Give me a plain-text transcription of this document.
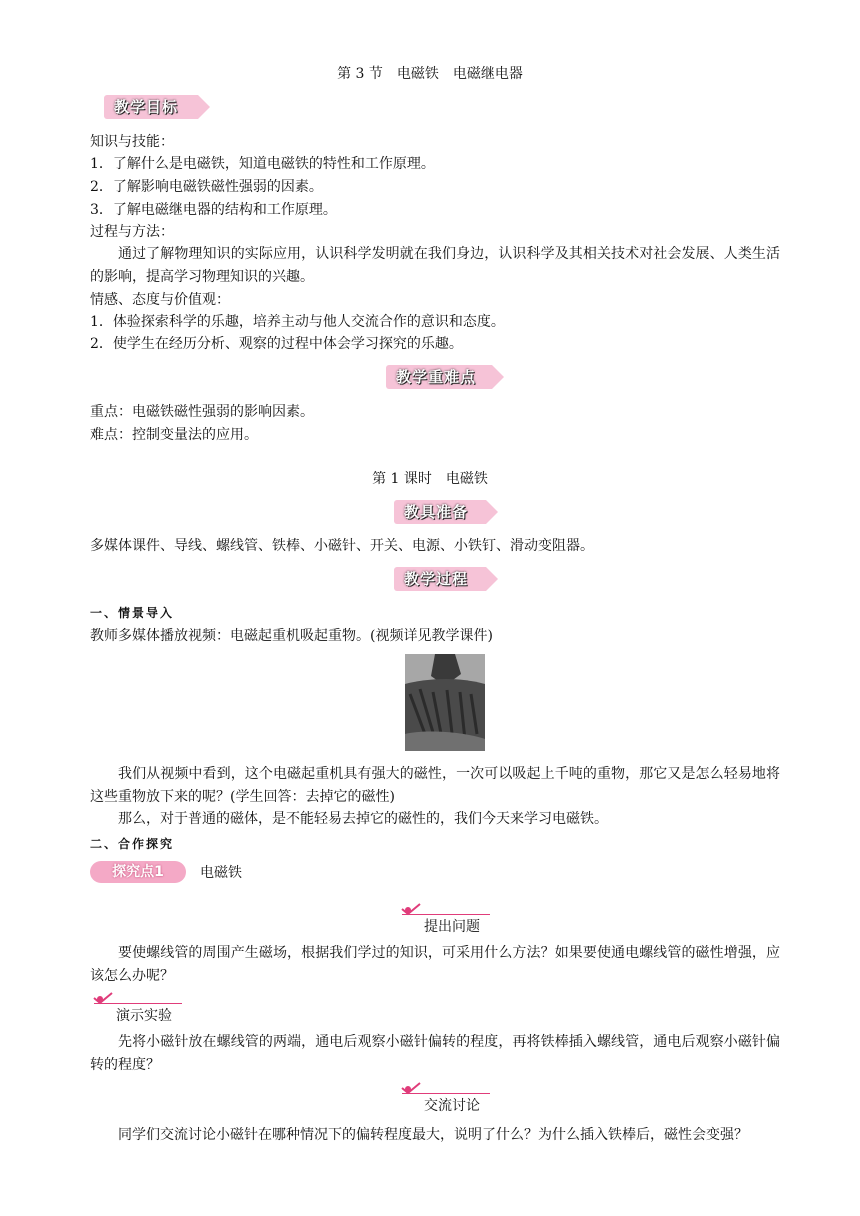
第 3 节　电磁铁　电磁继电器
教学目标
知识与技能：
1．了解什么是电磁铁，知道电磁铁的特性和工作原理。
2．了解影响电磁铁磁性强弱的因素。
3．了解电磁继电器的结构和工作原理。
过程与方法：
通过了解物理知识的实际应用，认识科学发明就在我们身边，认识科学及其相关技术对社会发展、人类生活的影响，提高学习物理知识的兴趣。
情感、态度与价值观：
1．体验探索科学的乐趣，培养主动与他人交流合作的意识和态度。
2．使学生在经历分析、观察的过程中体会学习探究的乐趣。
教学重难点
重点：电磁铁磁性强弱的影响因素。
难点：控制变量法的应用。
第 1 课时　电磁铁
教具准备
多媒体课件、导线、螺线管、铁棒、小磁针、开关、电源、小铁钉、滑动变阻器。
教学过程
一、情景导入
教师多媒体播放视频：电磁起重机吸起重物。(视频详见教学课件)
我们从视频中看到，这个电磁起重机具有强大的磁性，一次可以吸起上千吨的重物，那它又是怎么轻易地将这些重物放下来的呢？(学生回答：去掉它的磁性)
那么，对于普通的磁体，是不能轻易去掉它的磁性的，我们今天来学习电磁铁。
二、合作探究
探究点1	电磁铁
提出问题
要使螺线管的周围产生磁场，根据我们学过的知识，可采用什么方法？如果要使通电螺线管的磁性增强，应该怎么办呢？
演示实验
先将小磁针放在螺线管的两端，通电后观察小磁针偏转的程度，再将铁棒插入螺线管，通电后观察小磁针偏转的程度？
交流讨论
同学们交流讨论小磁针在哪种情况下的偏转程度最大，说明了什么？为什么插入铁棒后，磁性会变强？
